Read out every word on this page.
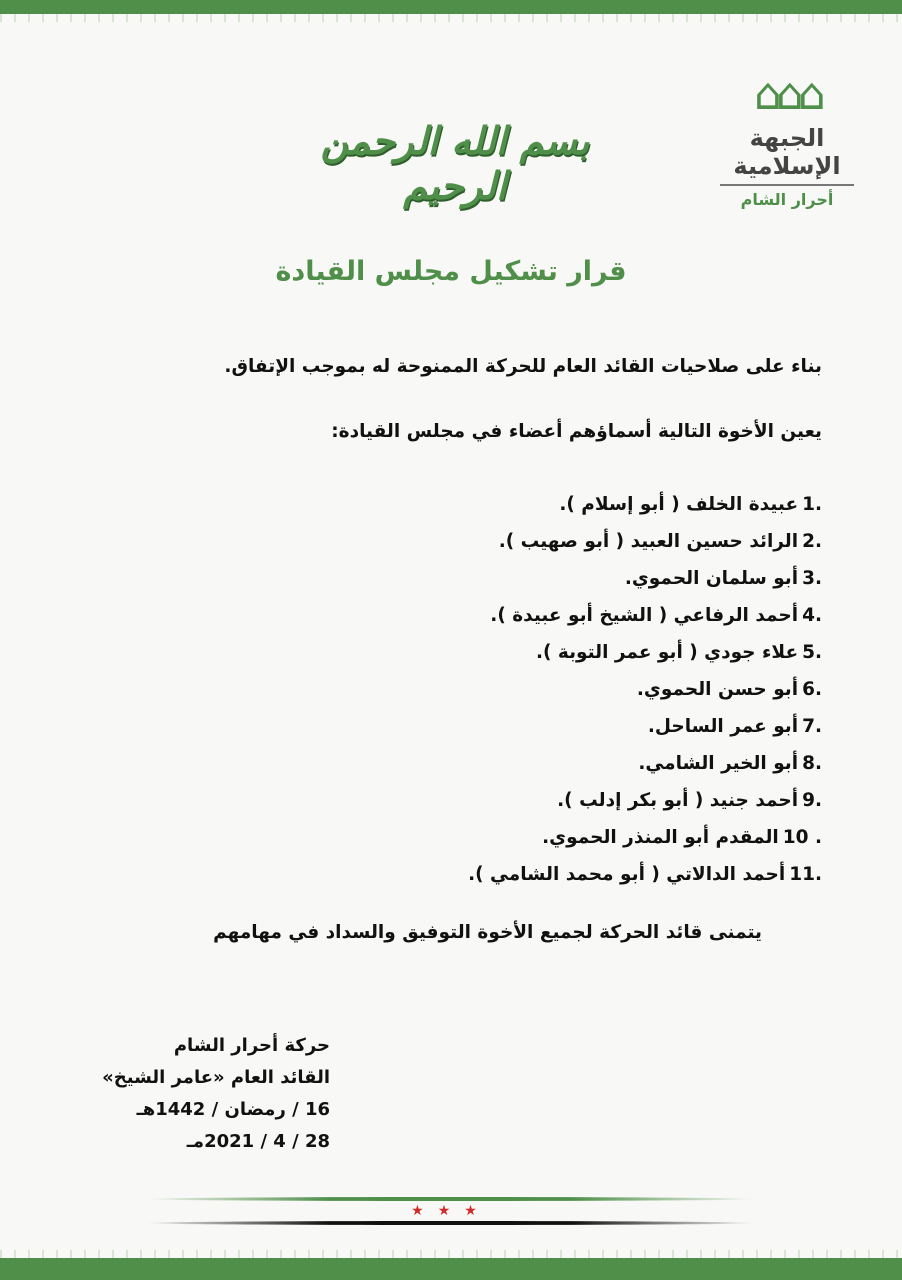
⌂⌂⌂
الجبهة الإسلامية
أحرار الشام
بسم الله الرحمن الرحيم
قرار تشكيل مجلس القيادة
بناء على صلاحيات القائد العام للحركة الممنوحة له بموجب الإتفاق.
يعين الأخوة التالية أسماؤهم أعضاء في مجلس القيادة:
1.
عبيدة الخلف ( أبو إسلام ).
2.
الرائد حسين العبيد ( أبو صهيب ).
3.
أبو سلمان الحموي.
4.
أحمد الرفاعي ( الشيخ أبو عبيدة ).
5.
علاء جودي ( أبو عمر التوبة ).
6.
أبو حسن الحموي.
7.
أبو عمر الساحل.
8.
أبو الخير الشامي.
9.
أحمد جنيد ( أبو بكر إدلب ).
10 .
المقدم أبو المنذر الحموي.
11.
أحمد الدالاتي ( أبو محمد الشامي ).
يتمنى قائد الحركة لجميع الأخوة التوفيق والسداد في مهامهم
حركة أحرار الشام
القائد العام «عامر الشيخ»
16 / رمضان / 1442هـ
28 / 4 / 2021مـ
★★★
